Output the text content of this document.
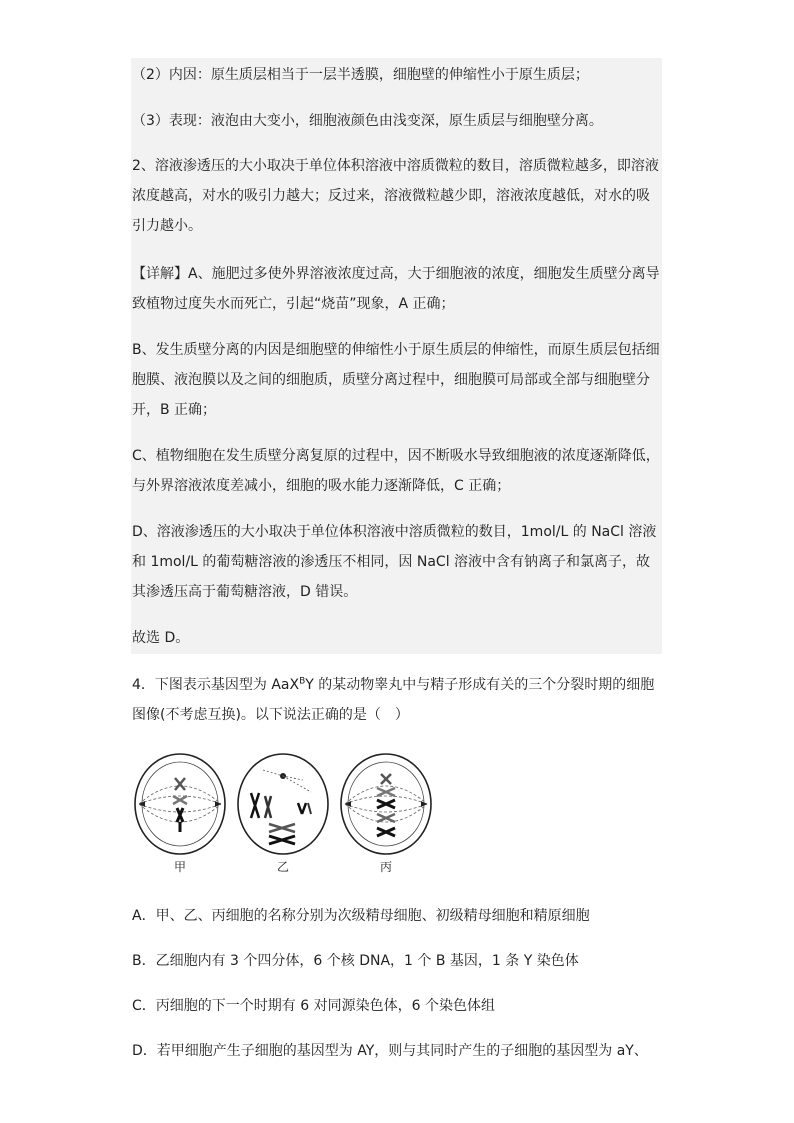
（2）内因：原生质层相当于一层半透膜，细胞壁的伸缩性小于原生质层；

（3）表现：液泡由大变小，细胞液颜色由浅变深，原生质层与细胞壁分离。

2、溶液渗透压的大小取决于单位体积溶液中溶质微粒的数目，溶质微粒越多，即溶液浓度越高，对水的吸引力越大；反过来，溶液微粒越少即，溶液浓度越低，对水的吸引力越小。

【详解】A、施肥过多使外界溶液浓度过高，大于细胞液的浓度，细胞发生质壁分离导致植物过度失水而死亡，引起“烧苗”现象，A 正确；

B、发生质壁分离的内因是细胞壁的伸缩性小于原生质层的伸缩性，而原生质层包括细胞膜、液泡膜以及之间的细胞质，质壁分离过程中，细胞膜可局部或全部与细胞壁分开，B 正确；

C、植物细胞在发生质壁分离复原的过程中，因不断吸水导致细胞液的浓度逐渐降低，与外界溶液浓度差减小，细胞的吸水能力逐渐降低，C 正确；

D、溶液渗透压的大小取决于单位体积溶液中溶质微粒的数目，1mol/L 的 NaCl 溶液和 1mol/L 的葡萄糖溶液的渗透压不相同，因 NaCl 溶液中含有钠离子和氯离子，故其渗透压高于葡萄糖溶液，D 错误。

故选 D。

4．下图表示基因型为 AaX$^B$Y 的某动物睾丸中与精子形成有关的三个分裂时期的细胞图像(不考虑互换)。以下说法正确的是（　）

甲	乙	丙

A．甲、乙、丙细胞的名称分别为次级精母细胞、初级精母细胞和精原细胞

B．乙细胞内有 3 个四分体，6 个核 DNA，1 个 B 基因，1 条 Y 染色体

C．丙细胞的下一个时期有 6 对同源染色体，6 个染色体组

D．若甲细胞产生子细胞的基因型为 AY，则与其同时产生的子细胞的基因型为 aY、
